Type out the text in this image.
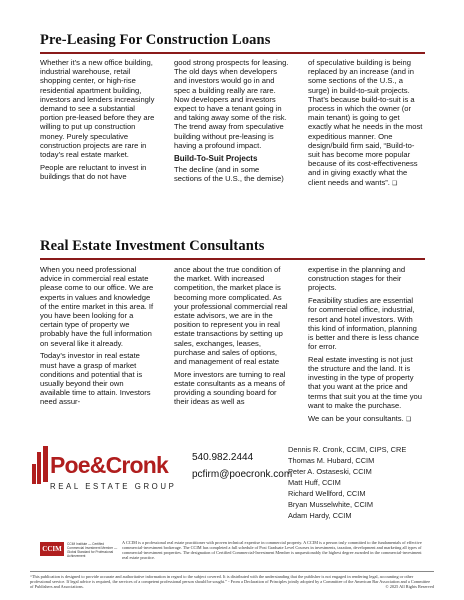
Pre-Leasing For Construction Loans

Whether it’s a new office building, industrial warehouse, retail shopping center, or high-rise residential apartment building, investors and lenders increasingly demand to see a substantial portion pre-leased before they are willing to put up construction money. Purely speculative construction projects are rare in today’s real estate market.

People are reluctant to invest in buildings that do not have

good strong prospects for leasing. The old days when developers and investors would go in and spec a building really are rare. Now developers and investors expect to have a tenant going in and taking away some of the risk. The trend away from speculative building without pre-leasing is having a profound impact.

Build-To-Suit Projects

The decline (and in some sections of the U.S., the demise)

of speculative building is being replaced by an increase (and in some sections of the U.S., a surge) in build-to-suit projects. That’s because build-to-suit is a process in which the owner (or main tenant) is going to get exactly what he needs in the most expeditious manner. One design/build firm said, “Build-to-suit has become more popular because of its cost-effectiveness and in giving exactly what the client needs and wants”. ❑

Real Estate Investment Consultants

When you need professional advice in commercial real estate please come to our office. We are experts in values and knowledge of the entire market in this area. If you have been looking for a certain type of property we probably have the full information on several like it already.

Today’s investor in real estate must have a grasp of market conditions and potential that is usually beyond their own available time to attain. Investors need assur-

ance about the true condition of the market. With increased competition, the market place is becoming more complicated. As your professional commercial real estate advisors, we are in the position to represent you in real estate transactions by setting up sales, exchanges, leases, purchase and sales of options, and management of real estate

More investors are turning to real estate consultants as a means of providing a sounding board for their ideas as well as

expertise in the planning and construction stages for their projects.

Feasibility studies are essential for commercial office, industrial, resort and hotel investors. With this kind of information, planning is better and there is less chance for error.

Real estate investing is not just the structure and the land. It is investing in the type of property that you want at the price and terms that suit you at the time you want to make the purchase.

We can be your consultants. ❑

Poe&Cronk
REAL ESTATE GROUP
540.982.2444
pcfirm@poecronk.com
Dennis R. Cronk, CCIM, CIPS, CRE
Thomas M. Hubard, CCIM
Peter A. Ostaseski, CCIM
Matt Huff, CCIM
Richard Wellford, CCIM
Bryan Musselwhite, CCIM
Adam Hardy, CCIM
CCIM
CCIM Institute — Certified Commercial Investment Member — Global Standard for Professional Achievement
A CCIM is a professional real estate practitioner with proven technical expertise in commercial property. A CCIM is a person truly committed to the fundamentals of effective commercial-investment brokerage. The CCIM has completed a full schedule of Post Graduate Level Courses in investments, taxation, development and marketing all types of commercial-investment properties. The designation of Certified Commercial-Investment Member is unquestionably the highest degree awarded in the commercial-investment real estate practice.
“This publication is designed to provide accurate and authoritative information in regard to the subject covered. It is distributed with the understanding that the publisher is not engaged in rendering legal, accounting or other professional service. If legal advice is required, the services of a competent professional person should be sought.” - From a Declaration of Principles jointly adopted by a Committee of the American Bar Association and a Committee of Publishers and Associations.	© 2025 All Rights Reserved
